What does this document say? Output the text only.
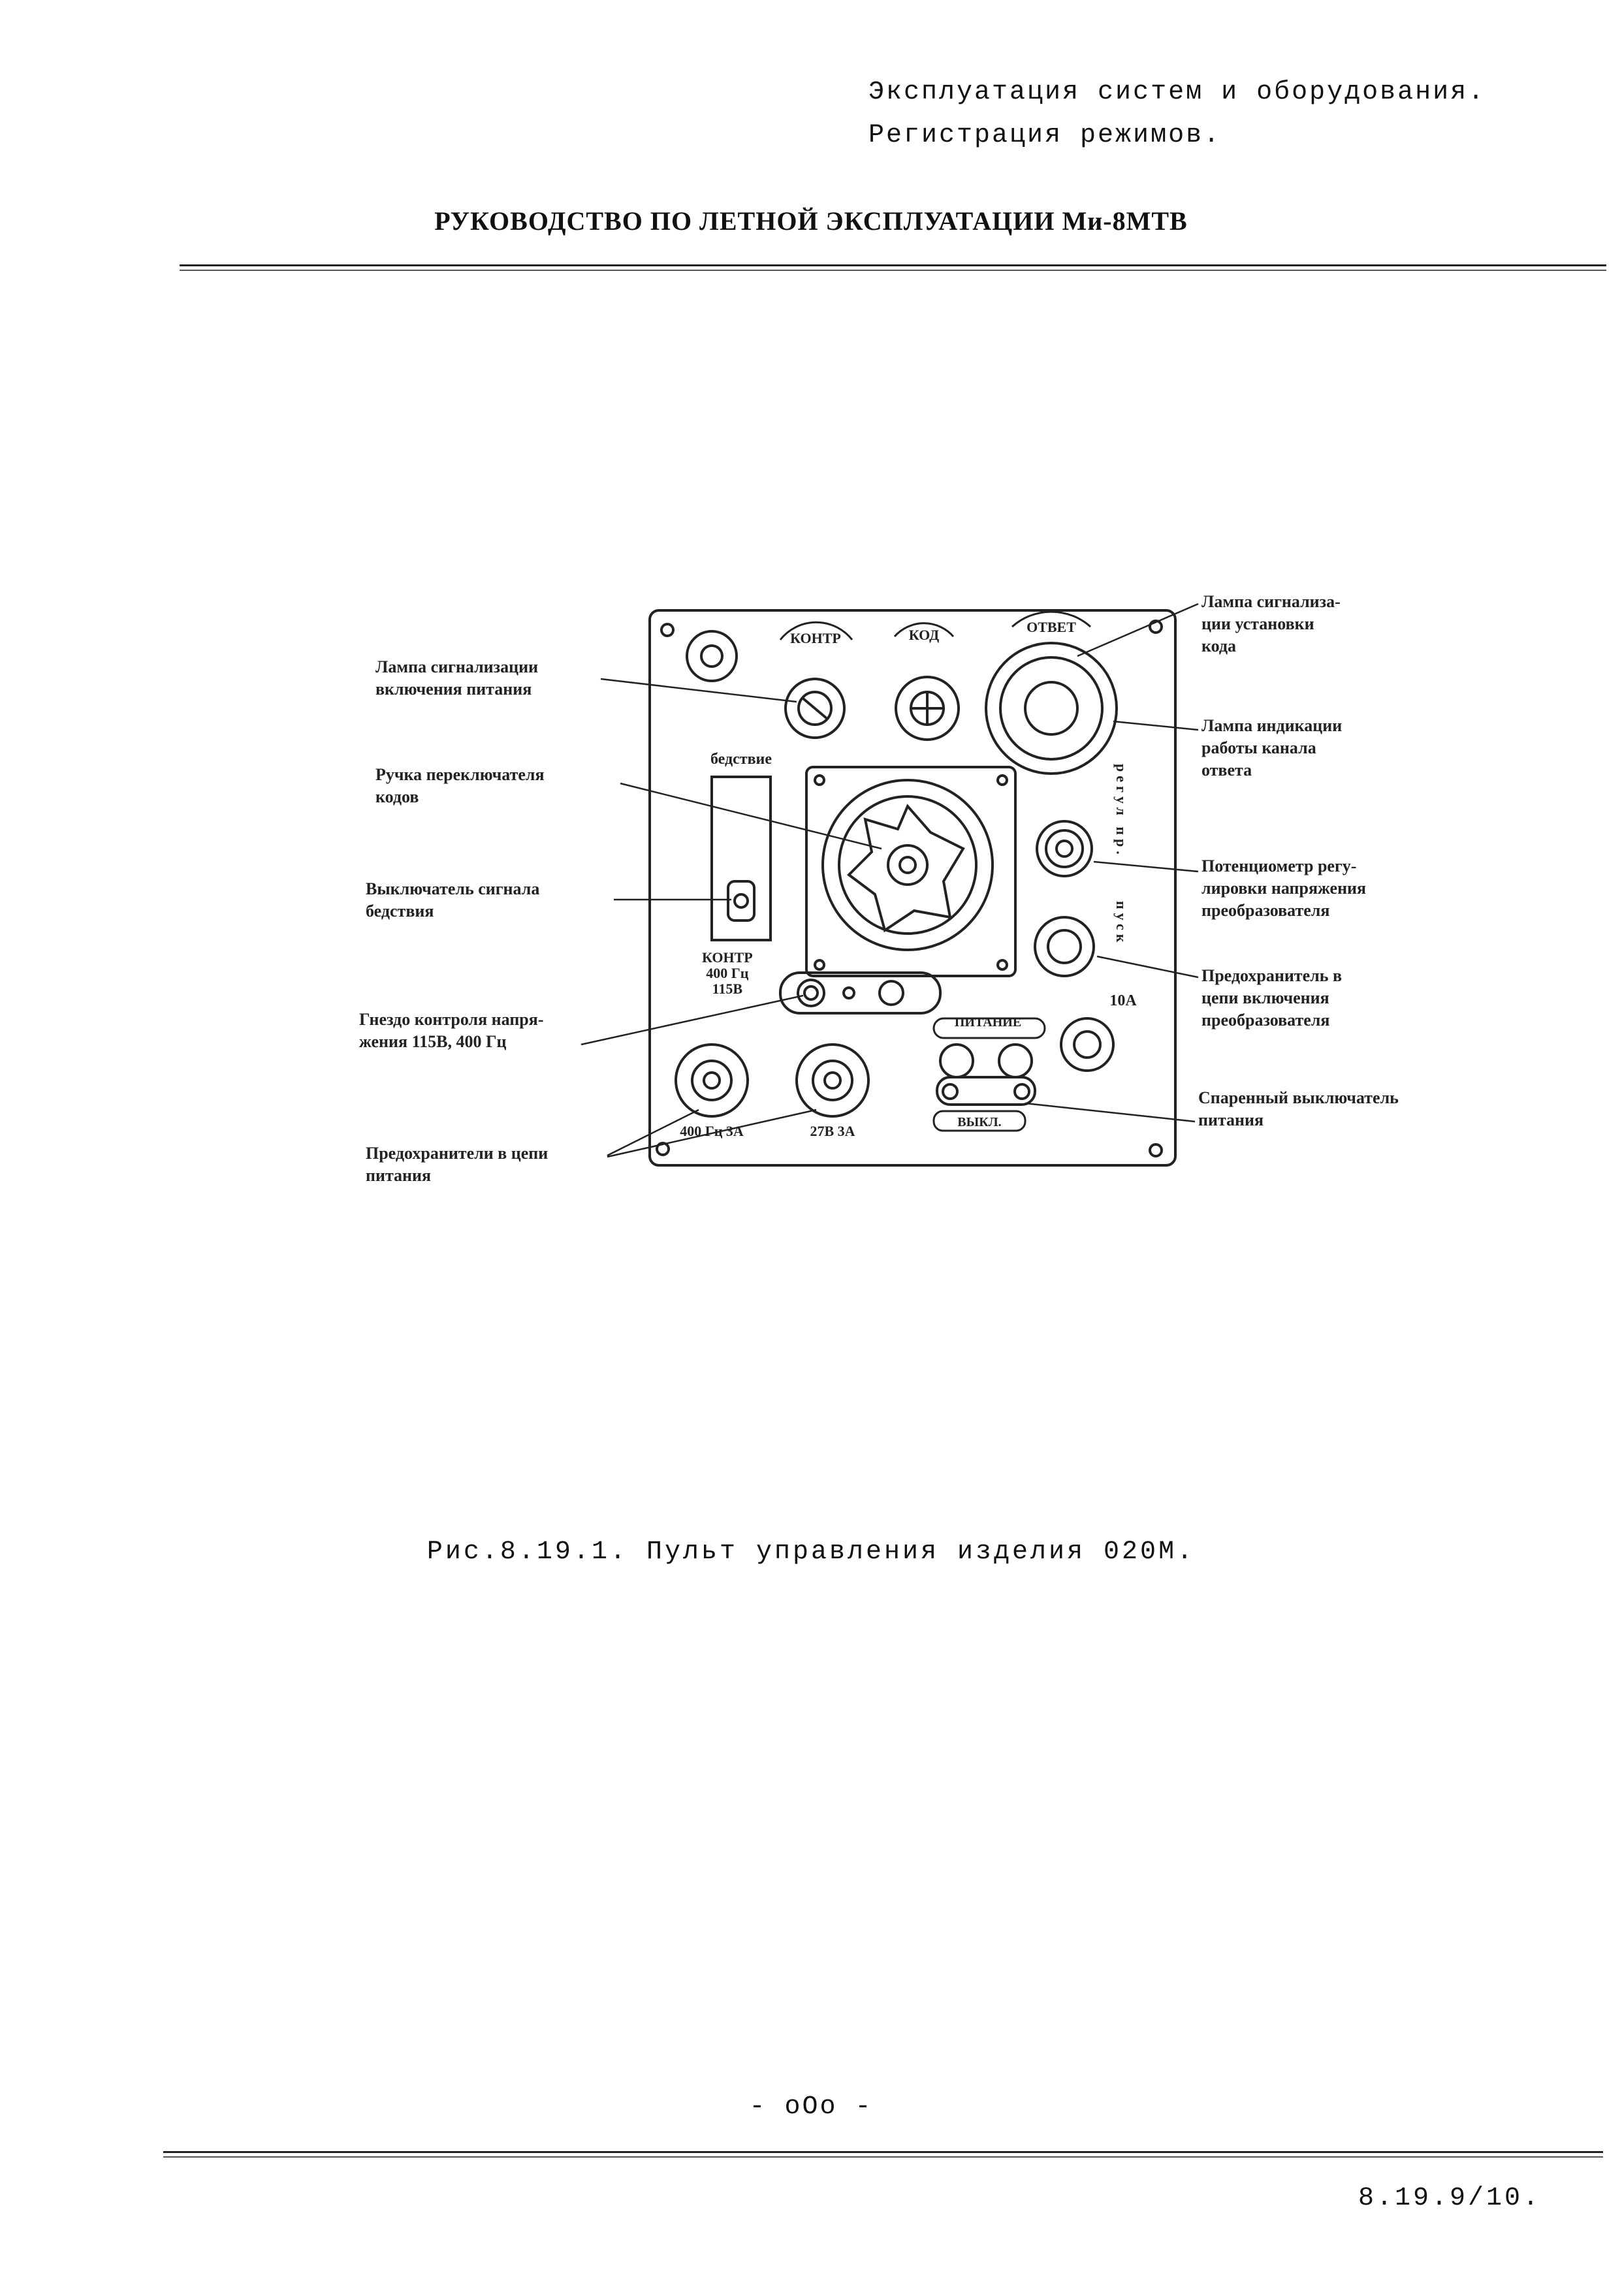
Эксплуатация систем и оборудования.
Регистрация режимов.
РУКОВОДСТВО ПО ЛЕТНОЙ ЭКСПЛУАТАЦИИ Ми-8МТВ
КОНТР	КОД	ОТВЕТ
бедствие
ПИТАНИЕ
ВЫКЛ.
400 Гц 3А	27В 3А
10А
регул пр.
пуск
Лампа сигнализации
включения питания
Ручка переключателя
кодов
Выключатель сигнала
бедствия
Гнездо контроля напря-
жения 115В, 400 Гц
Предохранители в цепи
питания
Лампа сигнализа-
ции установки
кода
Лампа индикации
работы канала
ответа
Потенциометр регу-
лировки напряжения
преобразователя
Предохранитель в
цепи включения
преобразователя
Спаренный выключатель
питания
КОНТР
400 Гц
115В
Рис.8.19.1. Пульт управления изделия 020М.
- oOo -
8.19.9/10.
